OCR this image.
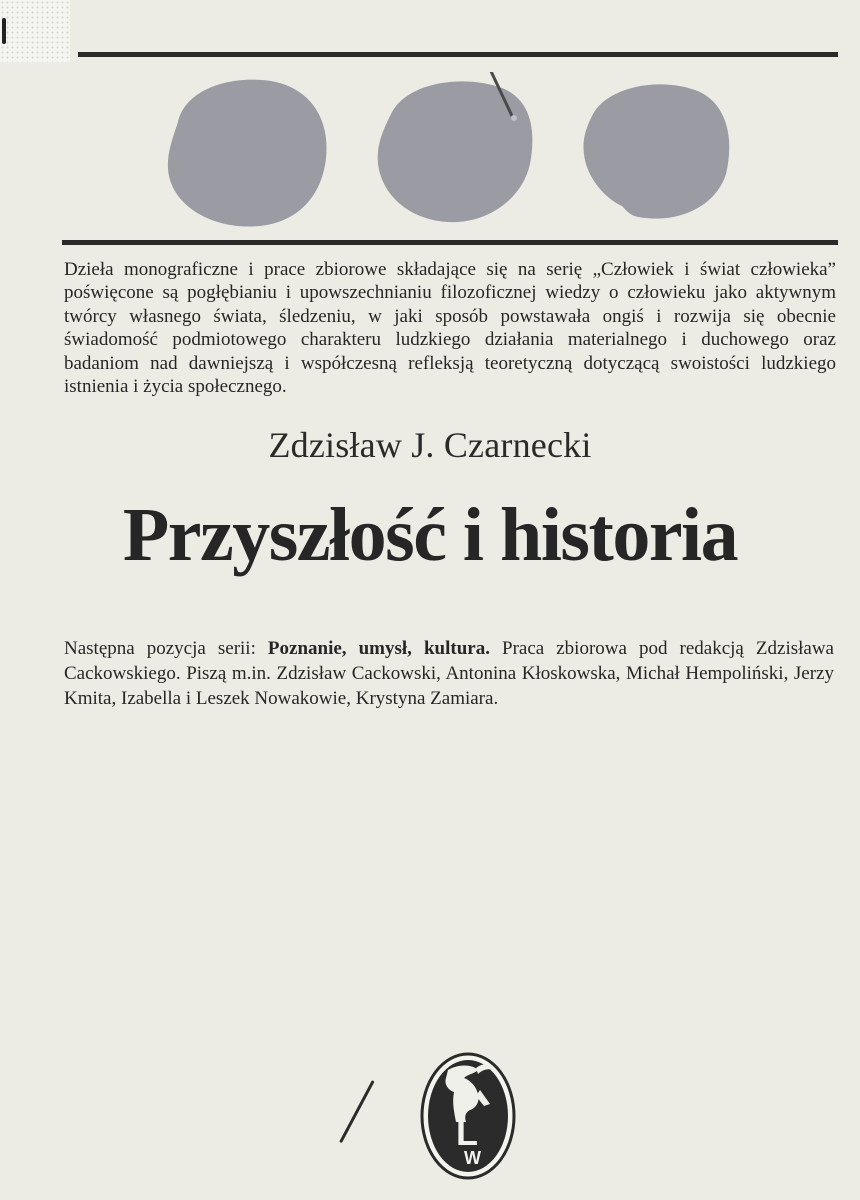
Dzieła monograficzne i prace zbiorowe składające się na serię „Człowiek i świat człowieka” poświęcone są pogłębianiu i upowszechnianiu filozoficznej wiedzy o człowieku jako aktywnym twórcy własnego świata, śledzeniu, w jaki sposób powstawała ongiś i rozwija się obecnie świadomość podmiotowego charakteru ludzkiego działania materialnego i duchowego oraz badaniom nad dawniejszą i współczesną refleksją teoretyczną dotyczącą swoistości ludzkiego istnienia i życia społecznego.
Zdzisław J. Czarnecki
Przyszłość i historia
Następna pozycja serii: Poznanie, umysł, kultura. Praca zbiorowa pod redakcją Zdzisława Cackowskiego. Piszą m.in. Zdzisław Cackowski, Antonina Kłoskowska, Michał Hempoliński, Jerzy Kmita, Izabella i Leszek Nowakowie, Krystyna Zamiara.
L
W
